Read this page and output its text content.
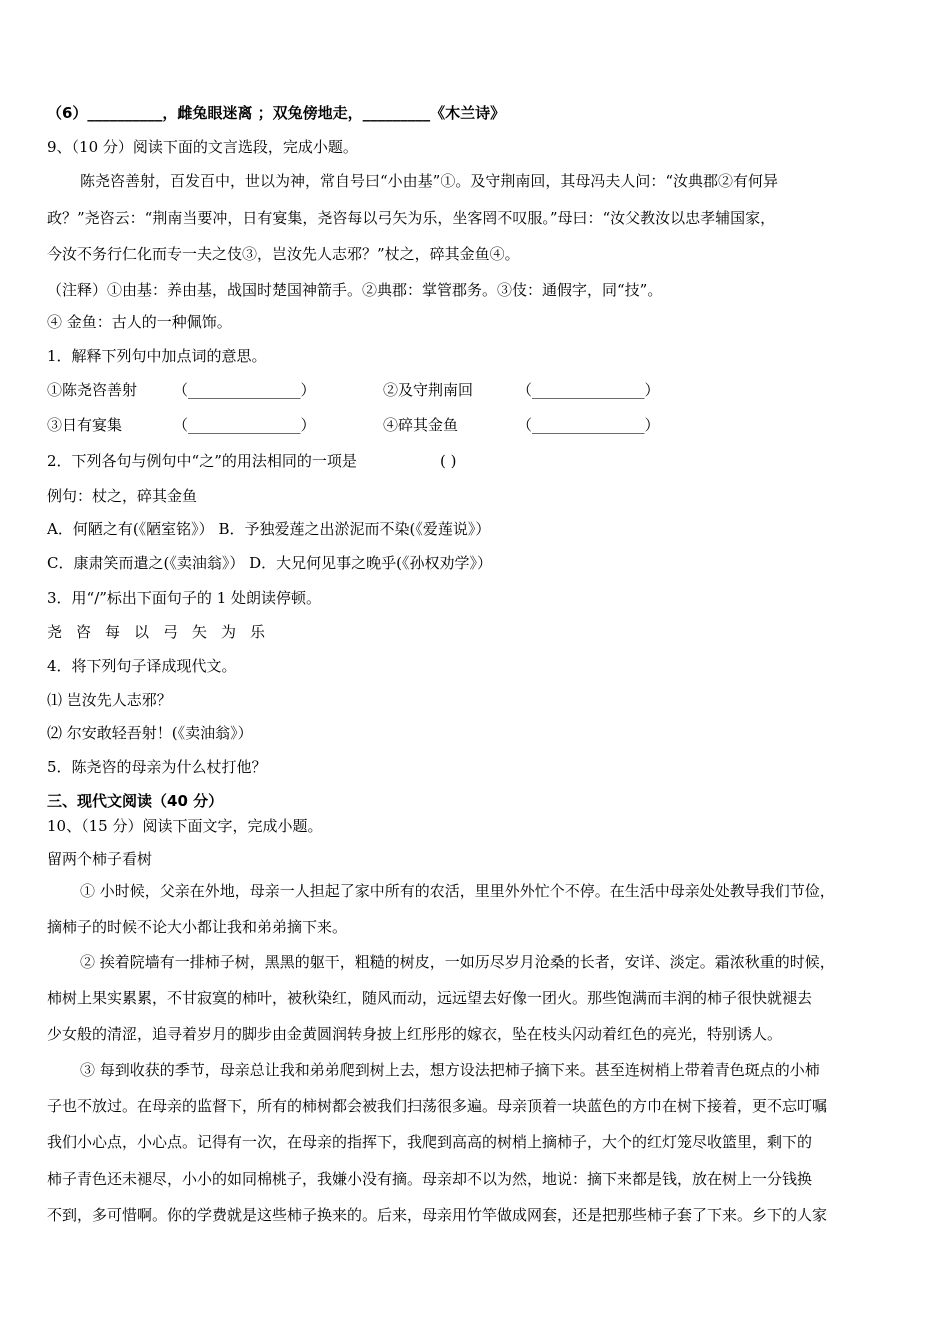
（6）__________，雌兔眼迷离 ；双兔傍地走，_________《木兰诗》
9、（10 分）阅读下面的文言选段，完成小题。
陈尧咨善射，百发百中，世以为神，常自号曰“小由基”①。及守荆南回，其母冯夫人问：“汝典郡②有何异
政？”尧咨云：“荆南当要冲，日有宴集，尧咨每以弓矢为乐，坐客罔不叹服。”母曰：“汝父教汝以忠孝辅国家，
今汝不务行仁化而专一夫之伎③，岂汝先人志邪？”杖之，碎其金鱼④。
（注释）①由基：养由基，战国时楚国神箭手。②典郡：掌管郡务。③伎：通假字，同“技”。
④ 金鱼：古人的一种佩饰。
1．解释下列句中加点词的意思。
①陈尧咨善射 （_______________）	②及守荆南回	（_______________）
③日有宴集	（_______________）	④碎其金鱼	（_______________）
2．下列各句与例句中“之”的用法相同的一项是	( )
例句：杖之，碎其金鱼
A．何陋之有(《陋室铭》） B．予独爱莲之出淤泥而不染(《爱莲说》）
C．康肃笑而遣之(《卖油翁》） D．大兄何见事之晚乎(《孙权劝学》）
3．用“/”标出下面句子的 1 处朗读停顿。
尧咨每以弓矢为乐
4．将下列句子译成现代文。
⑴ 岂汝先人志邪？
⑵ 尔安敢轻吾射！(《卖油翁》）
5．陈尧咨的母亲为什么杖打他？
三、现代文阅读（40 分）
10、（15 分）阅读下面文字，完成小题。
留两个柿子看树
① 小时候，父亲在外地，母亲一人担起了家中所有的农活，里里外外忙个不停。在生活中母亲处处教导我们节俭，
摘柿子的时候不论大小都让我和弟弟摘下来。
② 挨着院墙有一排柿子树，黑黑的躯干，粗糙的树皮，一如历尽岁月沧桑的长者，安详、淡定。霜浓秋重的时候，
柿树上果实累累，不甘寂寞的柿叶，被秋染红，随风而动，远远望去好像一团火。那些饱满而丰润的柿子很快就褪去
少女般的清涩，追寻着岁月的脚步由金黄圆润转身披上红彤彤的嫁衣，坠在枝头闪动着红色的亮光，特别诱人。
③ 每到收获的季节，母亲总让我和弟弟爬到树上去，想方设法把柿子摘下来。甚至连树梢上带着青色斑点的小柿
子也不放过。在母亲的监督下，所有的柿树都会被我们扫荡很多遍。母亲顶着一块蓝色的方巾在树下接着，更不忘叮嘱
我们小心点，小心点。记得有一次，在母亲的指挥下，我爬到高高的树梢上摘柿子，大个的红灯笼尽收篮里，剩下的
柿子青色还未褪尽，小小的如同棉桃子，我嫌小没有摘。母亲却不以为然，地说：摘下来都是钱，放在树上一分钱换
不到，多可惜啊。你的学费就是这些柿子换来的。后来，母亲用竹竿做成网套，还是把那些柿子套了下来。乡下的人家
